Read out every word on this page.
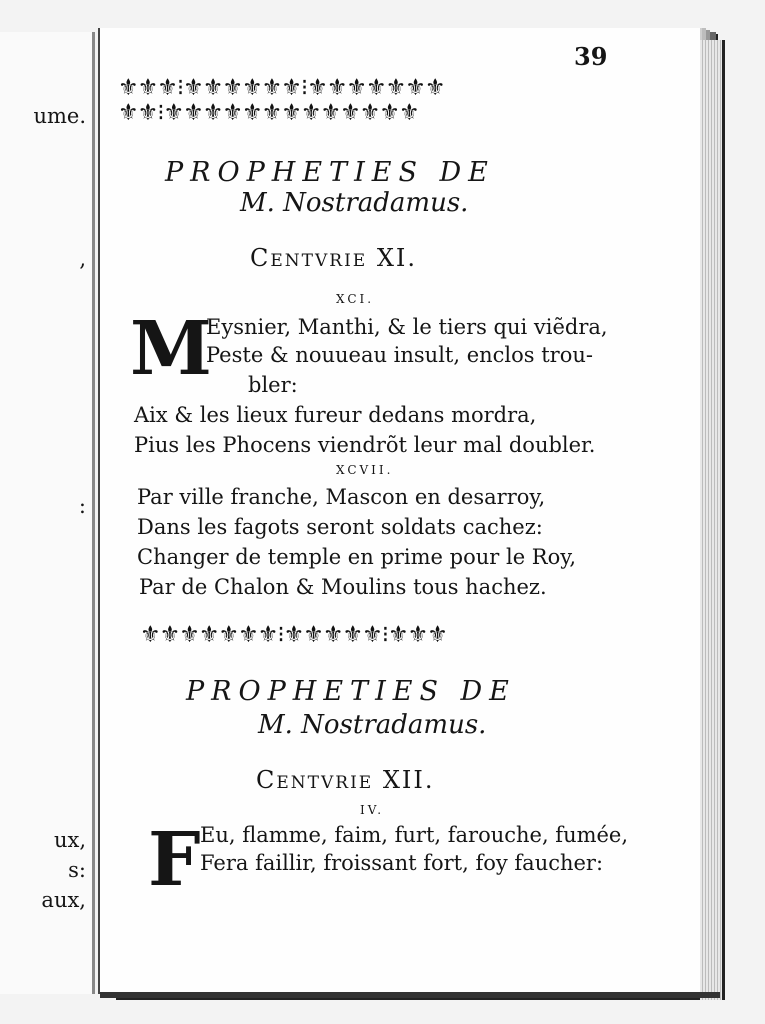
ume.
,
:
ux,
s:
aux,
39
⚜⚜⚜⁝⚜⚜⚜⚜⚜⚜⁝⚜⚜⚜⚜⚜⚜⚜
⚜⚜⁝⚜⚜⚜⚜⚜⚜⚜⚜⚜⚜⚜⚜⚜
PROPHETIES DE
M. Nostradamus.
Centvrie XI.
XCI.
M
Eysnier, Manthi, & le tiers qui viẽdra,
Peste & nouueau insult, enclos trou-
bler:
Aix & les lieux fureur dedans mordra,
Pius les Phocens viendrõt leur mal doubler.
XCVII.
Par ville franche, Mascon en desarroy,
Dans les fagots seront soldats cachez:
Changer de temple en prime pour le Roy,
Par de Chalon & Moulins tous hachez.
⚜⚜⚜⚜⚜⚜⚜⁝⚜⚜⚜⚜⚜⁝⚜⚜⚜
PROPHETIES DE
M. Nostradamus.
Centvrie XII.
IV.
F Eu, flamme, faim, furt, farouche, fumée,
Fera faillir, froissant fort, foy faucher:
